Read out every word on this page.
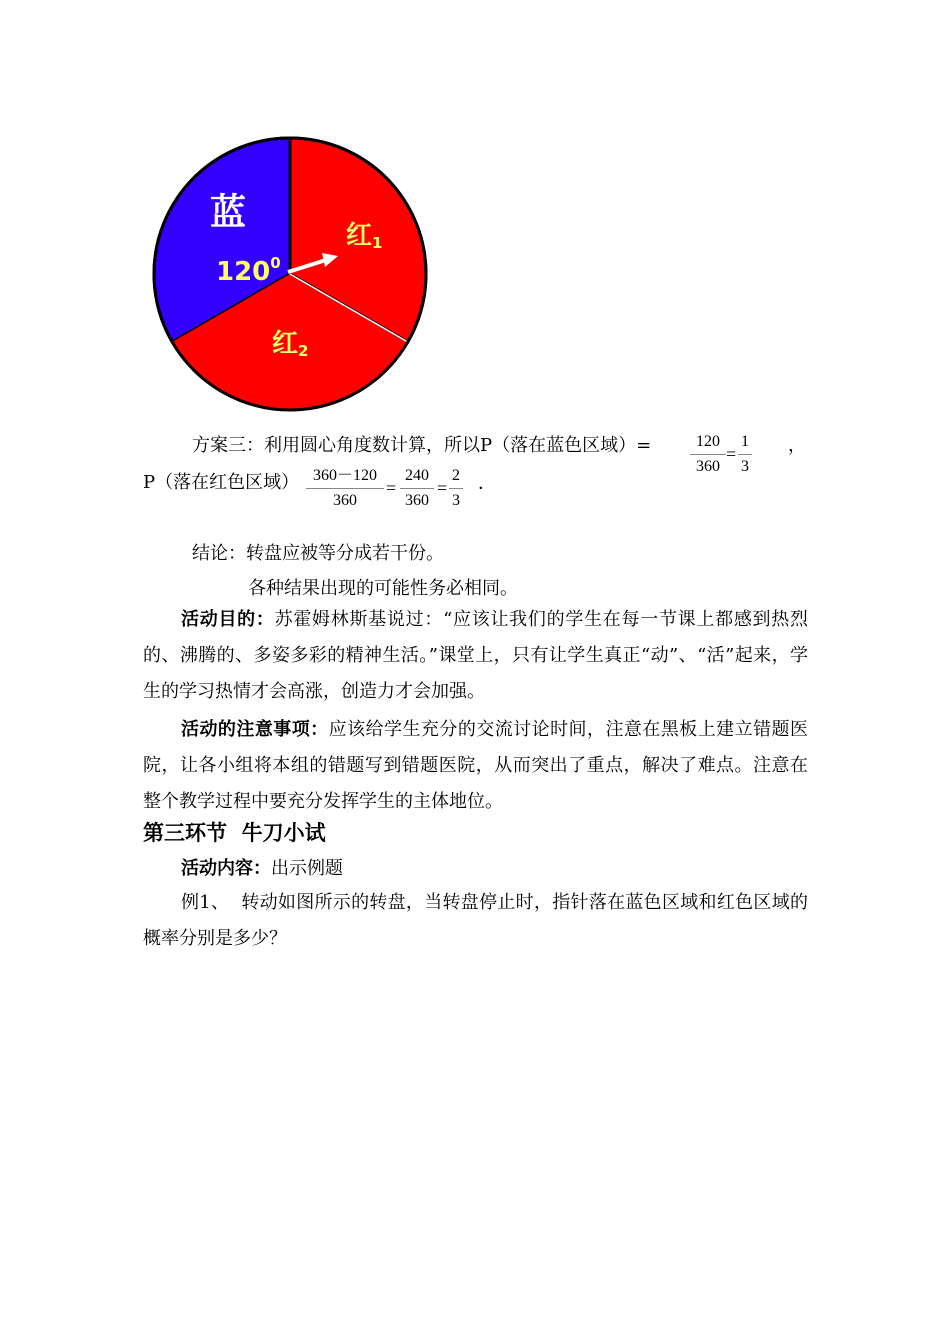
蓝
$120^0$
红1
红2
方案三：利用圆心角度数计算，所以P（落在蓝色区域）=	120
360
=
1
3
，
P（落在红色区域） 360－120
360
=
240
360
=
2
3
．
结论：转盘应被等分成若干份。
各种结果出现的可能性务必相同。
活动目的：苏霍姆林斯基说过：“应该让我们的学生在每一节课上都感到热烈的、沸腾的、多姿多彩的精神生活。”课堂上，只有让学生真正“动”、“活”起来，学生的学习热情才会高涨，创造力才会加强。
活动的注意事项：应该给学生充分的交流讨论时间，注意在黑板上建立错题医院，让各小组将本组的错题写到错题医院，从而突出了重点，解决了难点。注意在整个教学过程中要充分发挥学生的主体地位。
第三环节  牛刀小试
活动内容：出示例题
例1、  转动如图所示的转盘，当转盘停止时，指针落在蓝色区域和红色区域的概率分别是多少？
